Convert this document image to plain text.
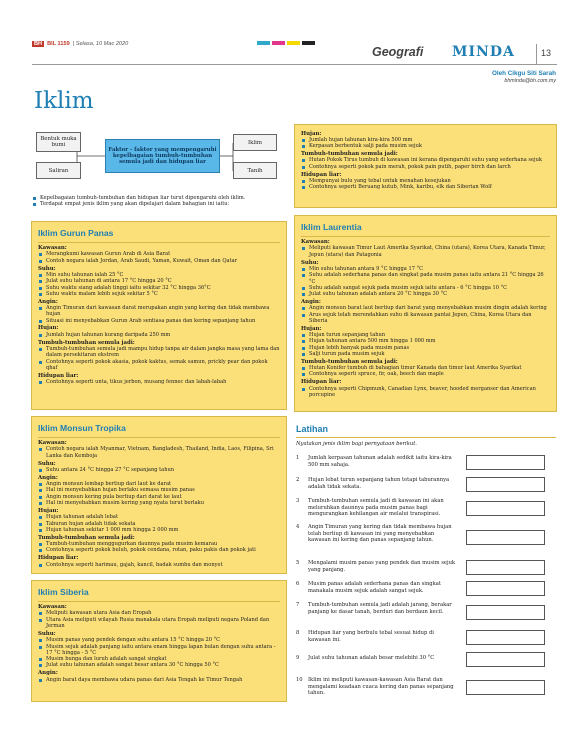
BH BIL 1159 | Selasa, 10 Mac 2020
Geografi MINDA	13
Oleh Cikgu Siti Sarah
bhminda@bh.com.my
Iklim
Bentuk muka bumi
Saliran
Faktor - faktor yang mempengaruhi kepelbagaian tumbuh-tumbuhan semula jadi dan hidupan liar
Iklim
Tanih
Kepelbagaian tumbuh-tumbuhan dan hidupan liar turut dipengaruhi oleh iklim.
Terdapat empat jenis iklim yang akan dipelajari dalam bahagian ini iaitu:
Iklim Gurun Panas
Kawasan:
Merangkumi kawasan Gurun Arab di Asia Barat
Contoh negara ialah Jordan, Arab Saudi, Yaman, Kuwait, Oman dan Qatar
Suhu:
Min suhu tahunan ialah 25 °C
Julat suhu tahunan di antara 17 °C hingga 20 °C
Suhu waktu siang adalah tinggi iaitu sekitar 32 °C hingga 36°C
Suhu waktu malam lebih sejuk sekitar 5 °C
Angin:
Angin Timuran dari kawasan darat merupakan angin yang kering dan tidak membawa hujan
Situasi ini menyebabkan Gurun Arab sentiasa panas dan kering sepanjang tahun
Hujan:
Jumlah hujan tahunan kurang daripada 250 mm
Tumbuh-tumbuhan semula jadi:
Tumbuh-tumbuhan semula jadi mampu hidup tanpa air dalam jangka masa yang lama dan dalam persekitaran ekstrem
Contohnya seperti pokok akasia, pokok kaktus, semak samun, prickly pear dan pokok qhaf
Hidupan liar:
Contohnya seperti unta, tikus jerbon, musang fennec dan labah-labah
Iklim Monsun Tropika
Kawasan:
Contoh negara ialah Myanmar, Vietnam, Bangladesh, Thailand, India, Laos, Filipina, Sri Lanka dan Kemboja
Suhu:
Suhu antara 24 °C hingga 27 °C sepanjang tahun
Angin:
Angin monsun lembap bertiup dari laut ke darat
Hal ini menyebabkan hujan berlaku semasa musim panas
Angin monsun kering pula bertiup dari darat ke laut
Hal ini menyebabkan musim kering yang nyata turut berlaku
Hujan:
Hujan tahunan adalah lebat
Taburan hujan adalah tidak sekata
Hujan tahunan sekitar 1 000 mm hingga 2 000 mm
Tumbuh-tumbuhan semula jadi:
Tumbuh-tumbuhan menggugurkan daunnya pada musim kemarau
Contohnya seperti pokok buluh, pokok cendana, rotan, paku pakis dan pokok jati
Hidupan liar:
Contohnya seperti harimau, gajah, kancil, badak sumbu dan monyet
Iklim Siberia
Kawasan:
Meliputi kawasan utara Asia dan Eropah
Utara Asia meliputi wilayah Rusia manakala utara Eropah meliputi negara Poland dan Jerman
Suhu:
Musim panas yang pendek dengan suhu antara 15 °C hingga 20 °C
Musim sejuk adalah panjang iaitu antara enam hingga lapan bulan dengan suhu antara - 17 °C hingga - 5 °C
Musim bunga dan luruh adalah sangat singkat
Julat suhu tahunan adalah sangat besar antara 30 °C hingga 50 °C
Angin:
Angin barat daya membawa udara panas dari Asia Tengah ke Timur Tengah
Hujan:
Jumlah hujan tahunan kira-kira 500 mm
Kerpasan berbentuk salji pada musim sejuk
Tumbuh-tumbuhan semula jadi:
Hutan Pokok Tirus tumbuh di kawasan ini kerana dipengaruhi suhu yang sederhana sejuk
Contohnya seperti pokok pain merah, pokok pain putih, paper birch dan larch
Hidupan liar:
Mempunyai bulu yang tebal untuk menahan kesejukan
Contohnya seperti Beruang kutub, Mink, karibu, elk dan Siberian Wolf
Iklim Laurentia
Kawasan:
Meliputi kawasan Timur Laut Amerika Syarikat, China (utara), Korea Utara, Kanada Timur, Jepun (utara) dan Patagonia
Suhu:
Min suhu tahunan antara 9 °C hingga 17 °C
Suhu adalah sederhana panas dan singkat pada musim panas iaitu antara 21 °C hingga 26 °C
Suhu adalah sangat sejuk pada musim sejuk iaitu antara - 6 °C hingga 10 °C
Julat suhu tahunan adalah antara 20 °C hingga 30 °C
Angin:
Angin monsun barat laut bertiup dari barat yang menyebabkan musim dingin adalah kering
Arus sejuk telah merendahkan suhu di kawasan pantai Jepun, China, Korea Utara dan Siberia
Hujan:
Hujan turun sepanjang tahun
Hujan tahunan antara 500 mm hingga 1 000 mm
Hujan lebih banyak pada musim panas
Salji turun pada musim sejuk
Tumbuh-tumbuhan semula jadi:
Hutan Konifer tumbuh di bahagian timur Kanada dan timur laut Amerika Syarikat
Contohnya seperti spruce, fir, oak, beech dan maple
Hidupan liar:
Contohnya seperti Chipmunk, Canadian Lynx, beaver, hooded merganser dan American porcupine
Latihan
Nyatakan jenis iklim bagi pernyataan berikut.
1 Jumlah kerpasan tahunan adalah sedikit iaitu kira-kira 500 mm sahaja.
2 Hujan lebat turun sepanjang tahun tetapi taburannya adalah tidak sekata.
3 Tumbuh-tumbuhan semula jadi di kawasan ini akan meluruhkan daunnya pada musim panas bagi mengurangkan kehilangan air melalui transpirasi.
4 Angin Timuran yang kering dan tidak membawa hujan telah bertiup di kawasan ini yang menyebabkan kawasan ini kering dan panas sepanjang tahun.
5 Mengalami musim panas yang pendek dan musim sejuk yang panjang.
6 Musim panas adalah sederhana panas dan singkat manakala musim sejuk adalah sangat sejuk.
7 Tumbuh-tumbuhan semula jadi adalah jarang, berakar panjang ke dasar tanah, berduri dan berdaun kecil.
8 Hidupan liar yang berbulu tebal sesuai hidup di kawasan ini.
9 Julat suhu tahunan adalah besar melebihi 30 °C
10 Iklim ini meliputi kawasan-kawasan Asia Barat dan mengalami keadaan cuaca kering dan panas sepanjang tahun.
